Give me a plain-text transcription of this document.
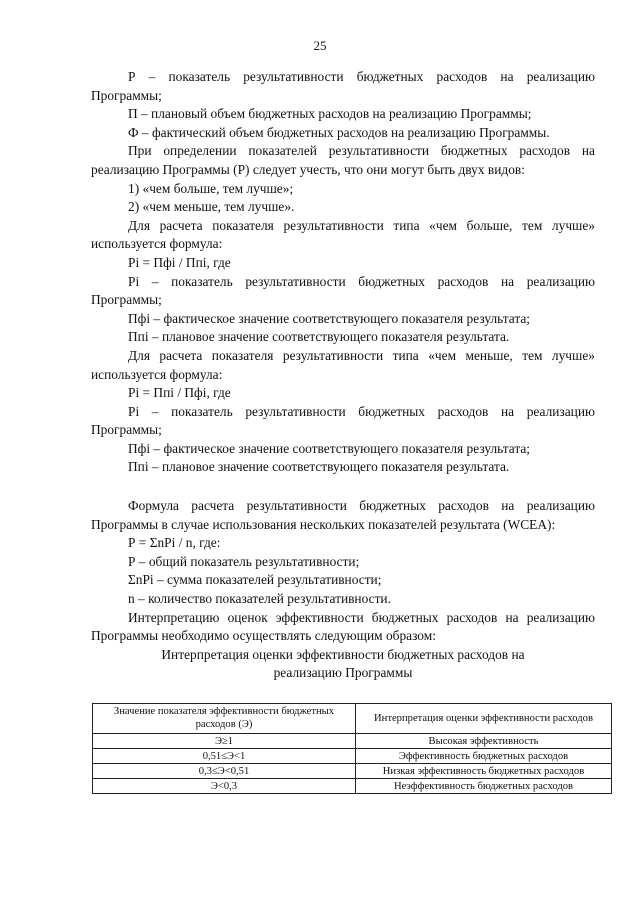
25

Р – показатель результативности бюджетных расходов на реализацию Программы;

П – плановый объем бюджетных расходов на реализацию Программы;

Ф – фактический объем бюджетных расходов на реализацию Программы.

При определении показателей результативности бюджетных расходов на реализацию Программы (Р) следует учесть, что они могут быть двух видов:

1) «чем больше, тем лучше»;

2) «чем меньше, тем лучше».

Для расчета показателя результативности типа «чем больше, тем лучше» используется формула:

Рi = Пфi / Ппi, где

Рi – показатель результативности бюджетных расходов на реализацию Программы;

Пфi – фактическое значение соответствующего показателя результата;

Ппi – плановое значение соответствующего показателя результата.

Для расчета показателя результативности типа «чем меньше, тем лучше» используется формула:

Рi = Ппi / Пфi, где

Рi – показатель результативности бюджетных расходов на реализацию Программы;

Пфi – фактическое значение соответствующего показателя результата;

Ппi – плановое значение соответствующего показателя результата.

Формула расчета результативности бюджетных расходов на реализацию Программы в случае использования нескольких показателей результата (WCEA):

Р = ΣnPi / n, где:

Р – общий показатель результативности;

ΣnPi – сумма показателей результативности;

n – количество показателей результативности.

Интерпретацию оценок эффективности бюджетных расходов на реализацию Программы необходимо осуществлять следующим образом:

Интерпретация оценки эффективности бюджетных расходов на реализацию Программы

Значение показателя эффективности бюджетных расходов (Э)	Интерпретация оценки эффективности расходов
Э≥1	Высокая эффективность
0,51≤Э<1	Эффективность бюджетных расходов
0,3≤Э<0,51	Низкая эффективность бюджетных расходов
Э<0,3	Неэффективность бюджетных расходов
